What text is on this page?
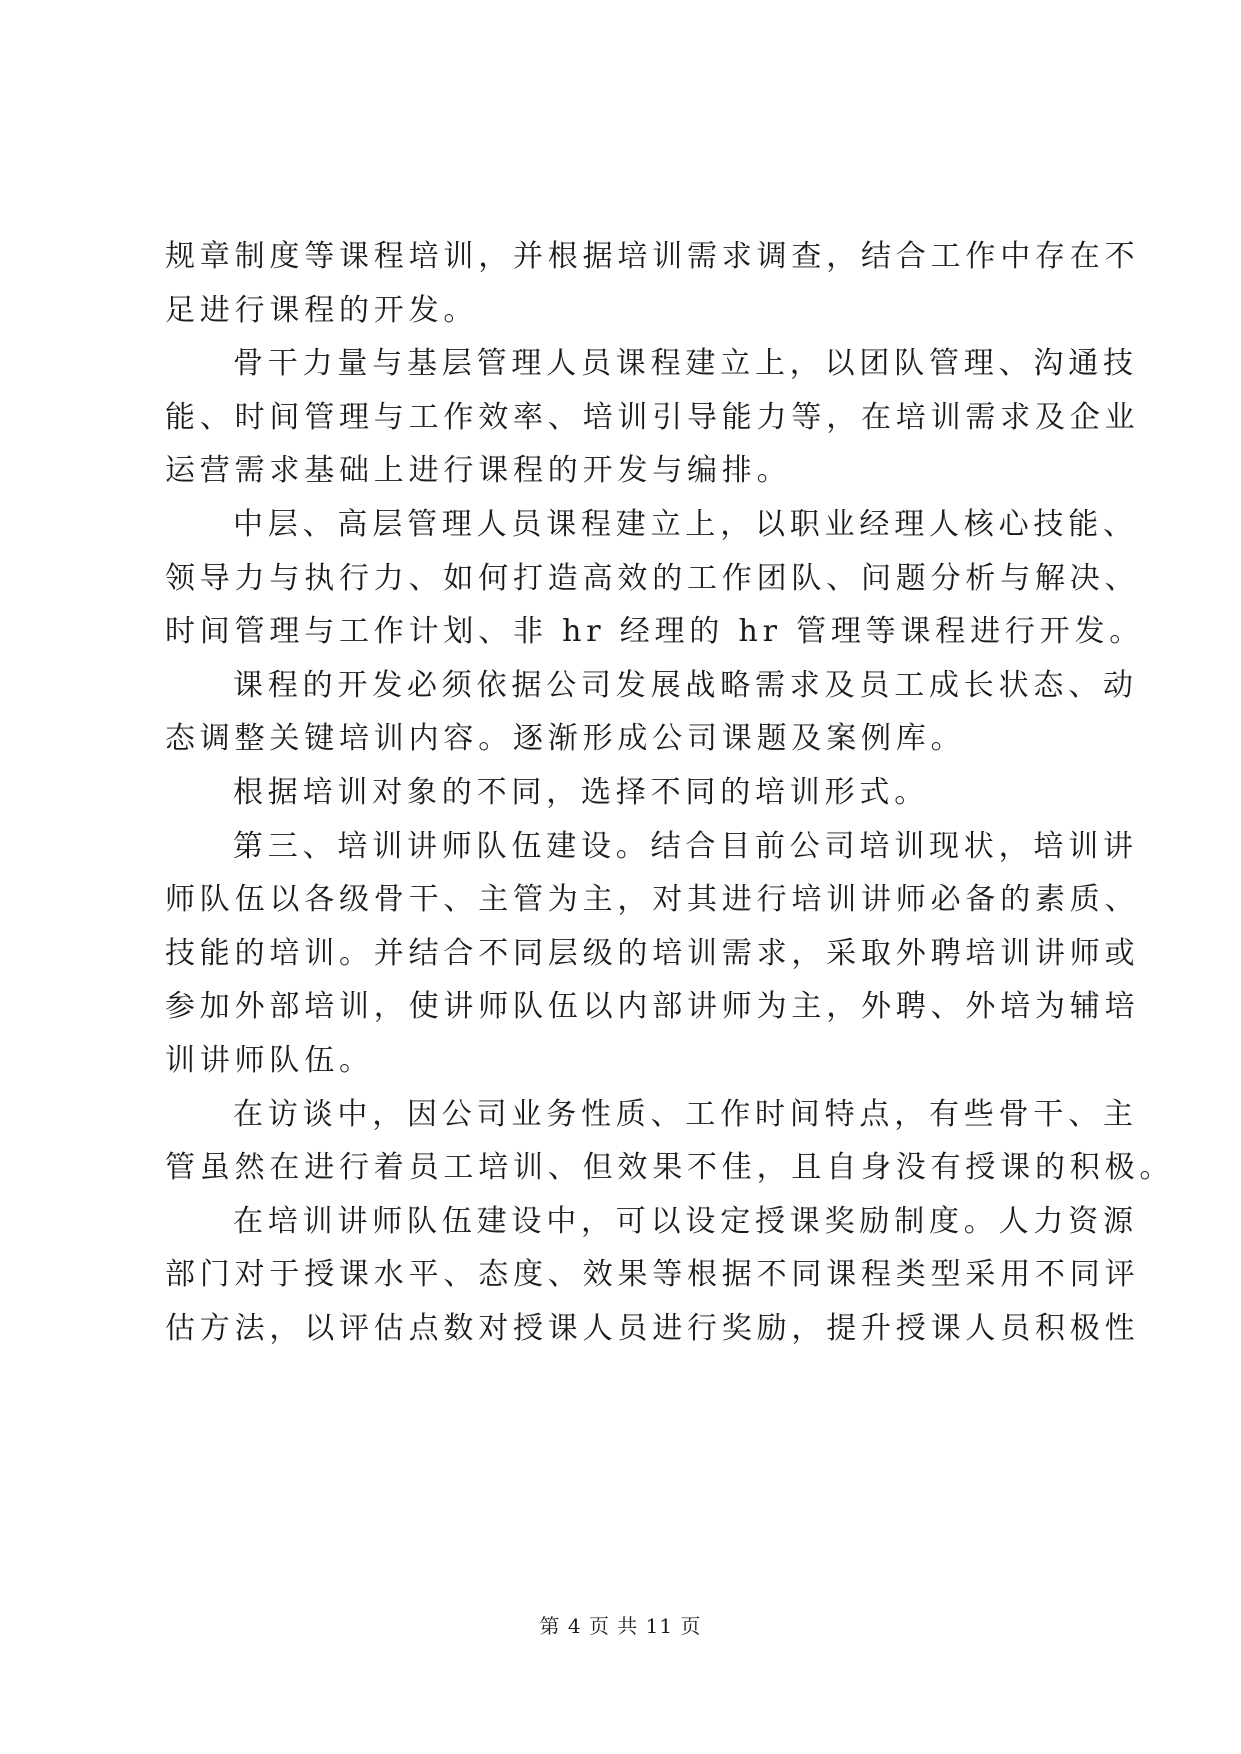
规章制度等课程培训，并根据培训需求调查，结合工作中存在不
足进行课程的开发。
骨干力量与基层管理人员课程建立上，以团队管理、沟通技
能、时间管理与工作效率、培训引导能力等，在培训需求及企业
运营需求基础上进行课程的开发与编排。
中层、高层管理人员课程建立上，以职业经理人核心技能、
领导力与执行力、如何打造高效的工作团队、问题分析与解决、
时间管理与工作计划、非 hr 经理的 hr 管理等课程进行开发。
课程的开发必须依据公司发展战略需求及员工成长状态、动
态调整关键培训内容。逐渐形成公司课题及案例库。
根据培训对象的不同，选择不同的培训形式。
第三、培训讲师队伍建设。结合目前公司培训现状，培训讲
师队伍以各级骨干、主管为主，对其进行培训讲师必备的素质、
技能的培训。并结合不同层级的培训需求，采取外聘培训讲师或
参加外部培训，使讲师队伍以内部讲师为主，外聘、外培为辅培
训讲师队伍。
在访谈中，因公司业务性质、工作时间特点，有些骨干、主
管虽然在进行着员工培训、但效果不佳，且自身没有授课的积极。
在培训讲师队伍建设中，可以设定授课奖励制度。人力资源
部门对于授课水平、态度、效果等根据不同课程类型采用不同评
估方法，以评估点数对授课人员进行奖励，提升授课人员积极性
第 4 页 共 11 页
